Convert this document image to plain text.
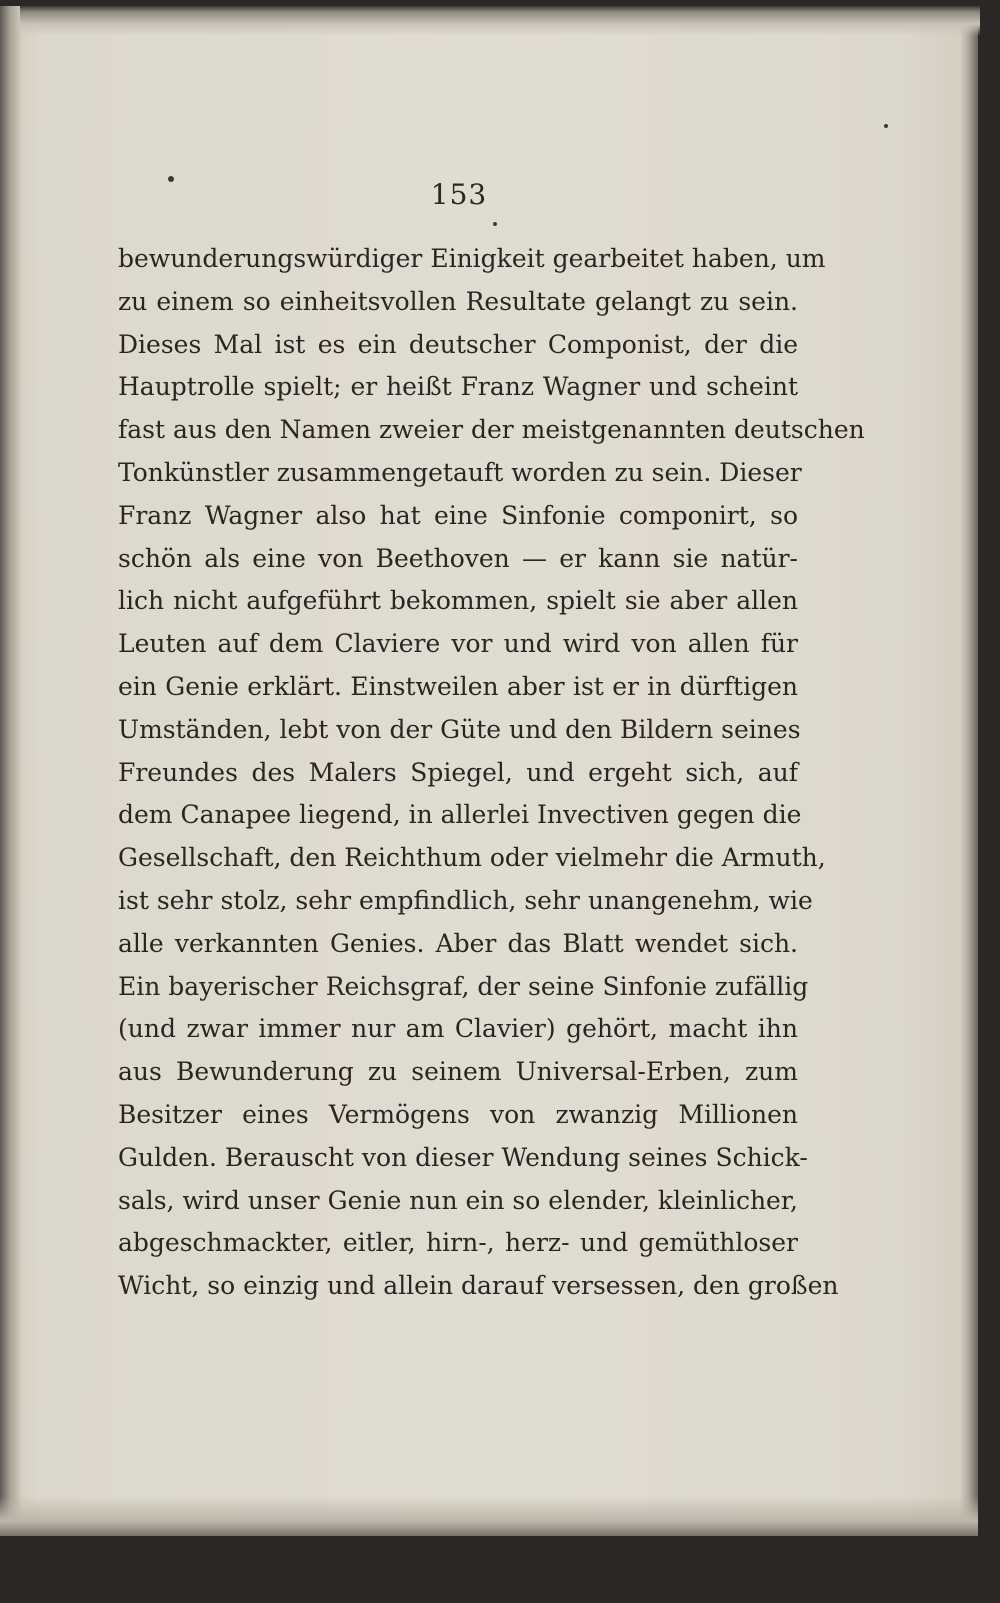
153
bewunderungswürdiger Einigkeit gearbeitet haben, um
zu einem so einheitsvollen Resultate gelangt zu sein.
Dieses Mal ist es ein deutscher Componist, der die
Hauptrolle spielt; er heißt Franz Wagner und scheint
fast aus den Namen zweier der meistgenannten deutschen
Tonkünstler zusammengetauft worden zu sein. Dieser
Franz Wagner also hat eine Sinfonie componirt, so
schön als eine von Beethoven — er kann sie natür-
lich nicht aufgeführt bekommen, spielt sie aber allen
Leuten auf dem Claviere vor und wird von allen für
ein Genie erklärt. Einstweilen aber ist er in dürftigen
Umständen, lebt von der Güte und den Bildern seines
Freundes des Malers Spiegel, und ergeht sich, auf
dem Canapee liegend, in allerlei Invectiven gegen die
Gesellschaft, den Reichthum oder vielmehr die Armuth,
ist sehr stolz, sehr empfindlich, sehr unangenehm, wie
alle verkannten Genies. Aber das Blatt wendet sich.
Ein bayerischer Reichsgraf, der seine Sinfonie zufällig
(und zwar immer nur am Clavier) gehört, macht ihn
aus Bewunderung zu seinem Universal-Erben, zum
Besitzer eines Vermögens von zwanzig Millionen
Gulden. Berauscht von dieser Wendung seines Schick-
sals, wird unser Genie nun ein so elender, kleinlicher,
abgeschmackter, eitler, hirn-, herz- und gemüthloser
Wicht, so einzig und allein darauf versessen, den großen
